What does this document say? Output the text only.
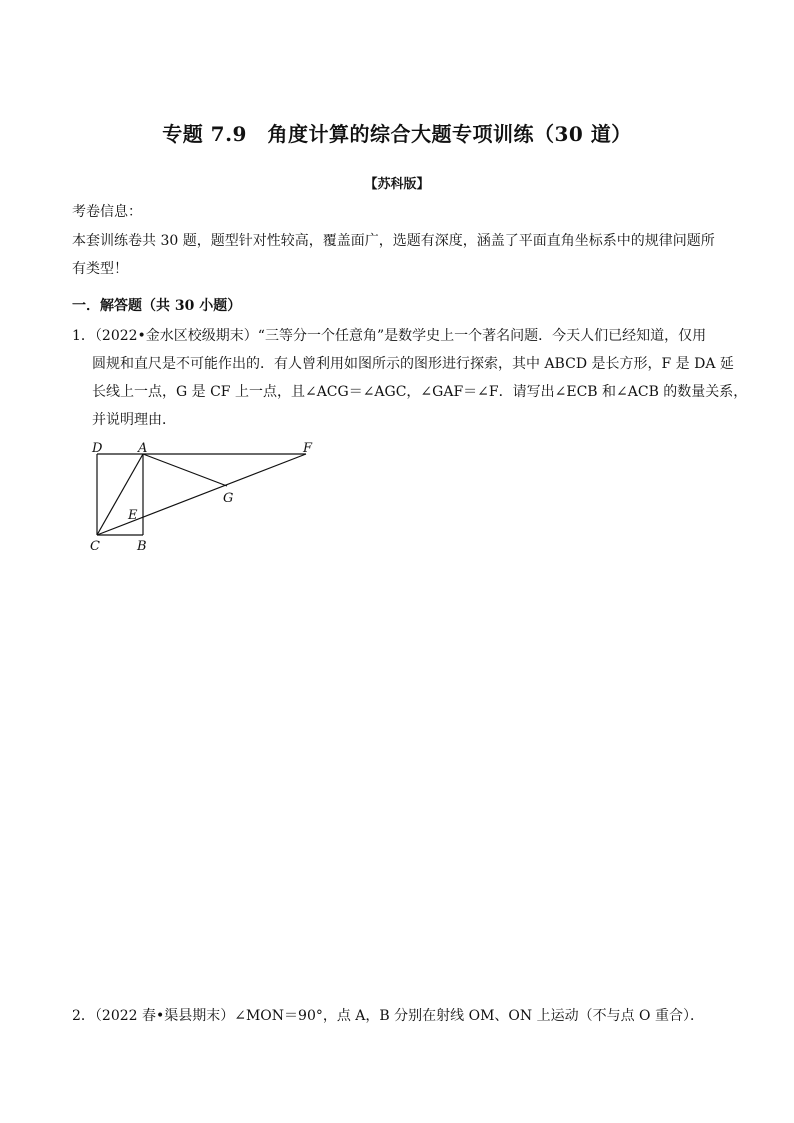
专题 7.9　角度计算的综合大题专项训练（30 道）
【苏科版】
考卷信息：
本套训练卷共 30 题，题型针对性较高，覆盖面广，选题有深度，涵盖了平面直角坐标系中的规律问题所有类型！
一．解答题（共 30 小题）
1．（2022•金水区校级期末）“三等分一个任意角”是数学史上一个著名问题．今天人们已经知道，仅用
圆规和直尺是不可能作出的．有人曾利用如图所示的图形进行探索，其中 ABCD 是长方形，F 是 DA 延
长线上一点，G 是 CF 上一点，且∠ACG＝∠AGC，∠GAF＝∠F．请写出∠ECB 和∠ACB 的数量关系，
并说明理由．
D	A	F
G
E
C	B
2．（2022 春•渠县期末）∠MON＝90°，点 A，B 分别在射线 OM、ON 上运动（不与点 O 重合）．
